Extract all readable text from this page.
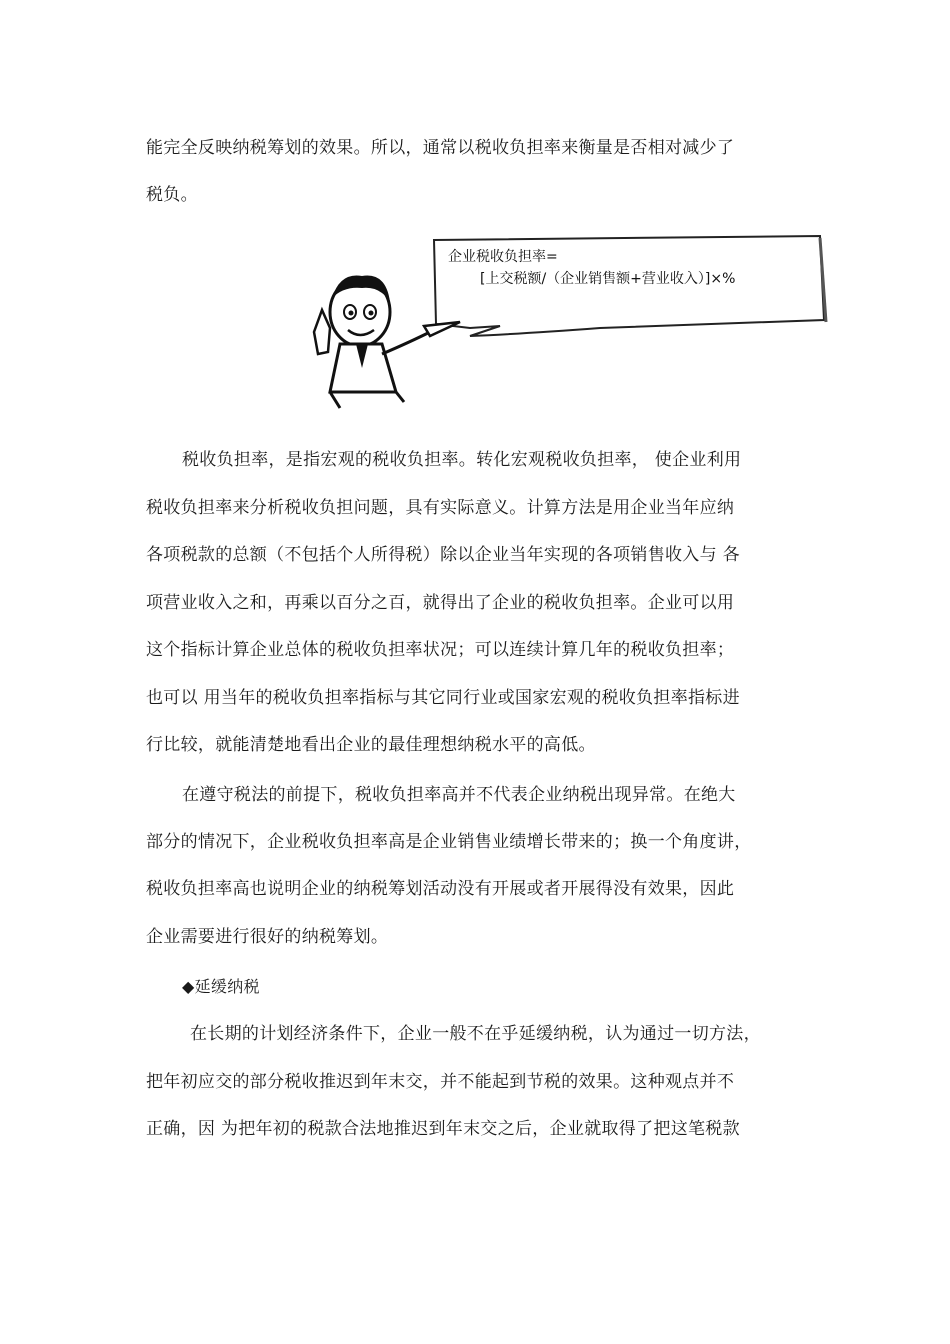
能完全反映纳税筹划的效果。所以，通常以税收负担率来衡量是否相对减少了

税负。

企业税收负担率=

[上交税额/（企业销售额+营业收入）]×%

税收负担率，是指宏观的税收负担率。转化宏观税收负担率， 使企业利用

税收负担率来分析税收负担问题，具有实际意义。计算方法是用企业当年应纳

各项税款的总额（不包括个人所得税）除以企业当年实现的各项销售收入与 各

项营业收入之和，再乘以百分之百，就得出了企业的税收负担率。企业可以用

这个指标计算企业总体的税收负担率状况；可以连续计算几年的税收负担率；

也可以 用当年的税收负担率指标与其它同行业或国家宏观的税收负担率指标进

行比较，就能清楚地看出企业的最佳理想纳税水平的高低。

在遵守税法的前提下，税收负担率高并不代表企业纳税出现异常。在绝大

部分的情况下，企业税收负担率高是企业销售业绩增长带来的；换一个角度讲，

税收负担率高也说明企业的纳税筹划活动没有开展或者开展得没有效果，因此

企业需要进行很好的纳税筹划。

◆延缓纳税

在长期的计划经济条件下，企业一般不在乎延缓纳税，认为通过一切方法，

把年初应交的部分税收推迟到年末交，并不能起到节税的效果。这种观点并不

正确，因 为把年初的税款合法地推迟到年末交之后，企业就取得了把这笔税款
